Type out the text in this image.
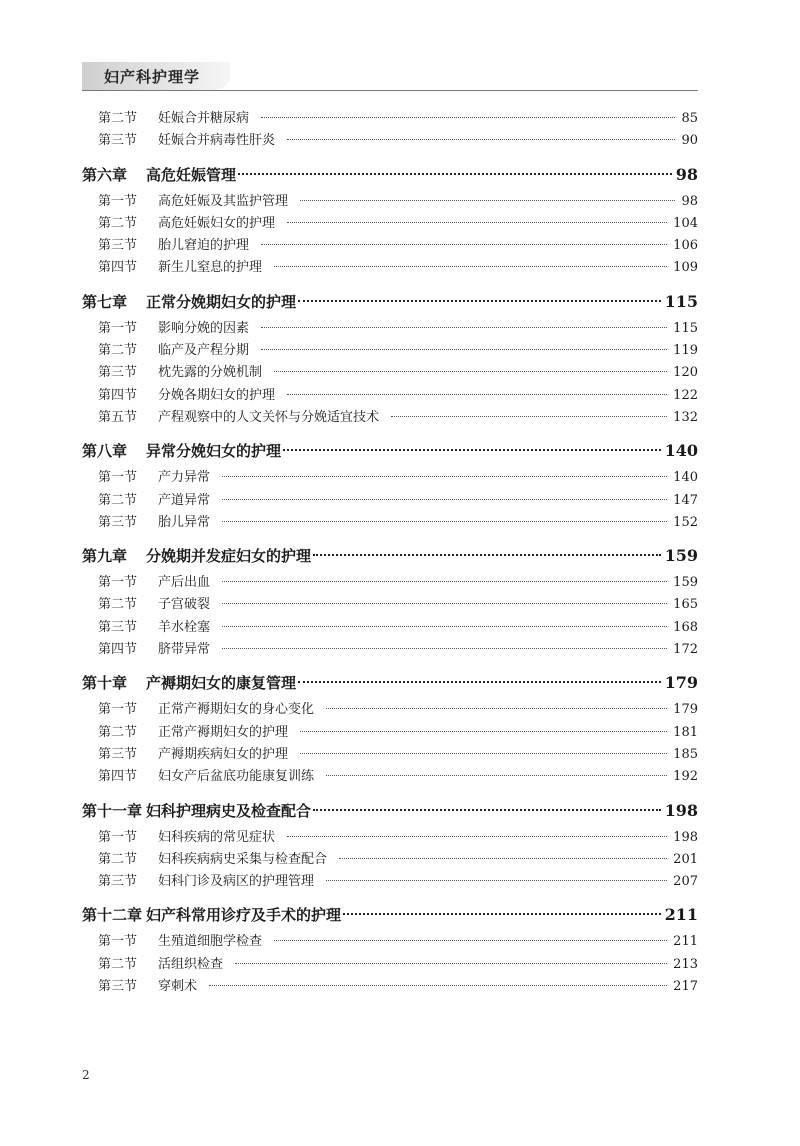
妇产科护理学
第二节	妊娠合并糖尿病	85
第三节	妊娠合并病毒性肝炎	90
第六章	高危妊娠管理	98
第一节	高危妊娠及其监护管理	98
第二节	高危妊娠妇女的护理	104
第三节	胎儿窘迫的护理	106
第四节	新生儿窒息的护理	109
第七章	正常分娩期妇女的护理	115
第一节	影响分娩的因素	115
第二节	临产及产程分期	119
第三节	枕先露的分娩机制	120
第四节	分娩各期妇女的护理	122
第五节	产程观察中的人文关怀与分娩适宜技术	132
第八章	异常分娩妇女的护理	140
第一节	产力异常	140
第二节	产道异常	147
第三节	胎儿异常	152
第九章	分娩期并发症妇女的护理	159
第一节	产后出血	159
第二节	子宫破裂	165
第三节	羊水栓塞	168
第四节	脐带异常	172
第十章	产褥期妇女的康复管理	179
第一节	正常产褥期妇女的身心变化	179
第二节	正常产褥期妇女的护理	181
第三节	产褥期疾病妇女的护理	185
第四节	妇女产后盆底功能康复训练	192
第十一章 妇科护理病史及检查配合	198
第一节	妇科疾病的常见症状	198
第二节	妇科疾病病史采集与检查配合	201
第三节	妇科门诊及病区的护理管理	207
第十二章 妇产科常用诊疗及手术的护理	211
第一节	生殖道细胞学检查	211
第二节	活组织检查	213
第三节	穿刺术	217
2
